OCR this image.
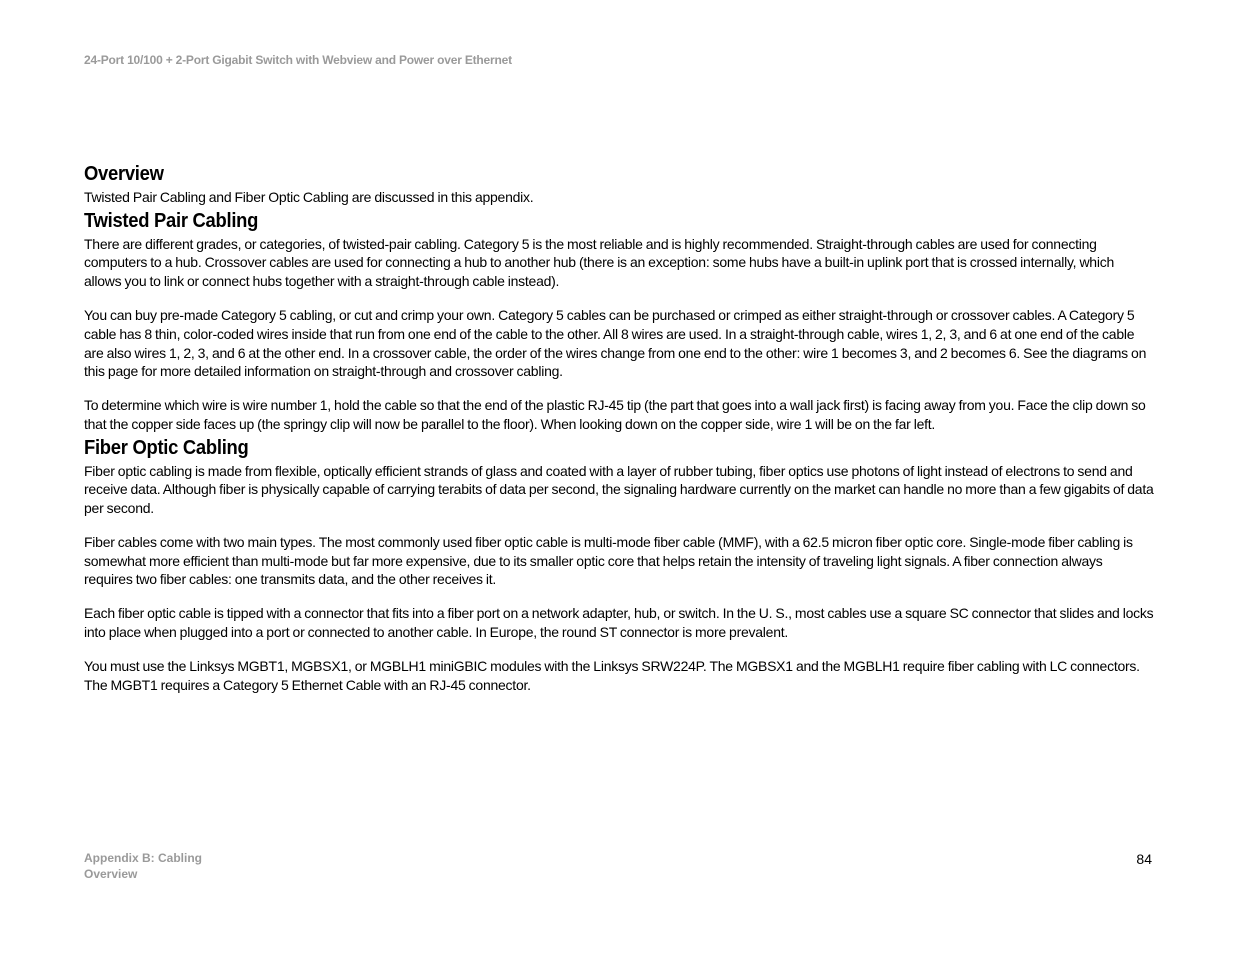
24-Port 10/100 + 2-Port Gigabit Switch with Webview and Power over Ethernet
Overview

Twisted Pair Cabling and Fiber Optic Cabling are discussed in this appendix.

Twisted Pair Cabling

There are different grades, or categories, of twisted-pair cabling. Category 5 is the most reliable and is highly recommended. Straight-through cables are used for connecting computers to a hub. Crossover cables are used for connecting a hub to another hub (there is an exception: some hubs have a built-in uplink port that is crossed internally, which allows you to link or connect hubs together with a straight-through cable instead).

You can buy pre-made Category 5 cabling, or cut and crimp your own. Category 5 cables can be purchased or crimped as either straight-through or crossover cables. A Category 5 cable has 8 thin, color-coded wires inside that run from one end of the cable to the other. All 8 wires are used. In a straight-through cable, wires 1, 2, 3, and 6 at one end of the cable are also wires 1, 2, 3, and 6 at the other end. In a crossover cable, the order of the wires change from one end to the other: wire 1 becomes 3, and 2 becomes 6. See the diagrams on this page for more detailed information on straight-through and crossover cabling.

To determine which wire is wire number 1, hold the cable so that the end of the plastic RJ-45 tip (the part that goes into a wall jack first) is facing away from you. Face the clip down so that the copper side faces up (the springy clip will now be parallel to the floor). When looking down on the copper side, wire 1 will be on the far left.

Fiber Optic Cabling

Fiber optic cabling is made from flexible, optically efficient strands of glass and coated with a layer of rubber tubing, fiber optics use photons of light instead of electrons to send and receive data. Although fiber is physically capable of carrying terabits of data per second, the signaling hardware currently on the market can handle no more than a few gigabits of data per second.

Fiber cables come with two main types. The most commonly used fiber optic cable is multi-mode fiber cable (MMF), with a 62.5 micron fiber optic core. Single-mode fiber cabling is somewhat more efficient than multi-mode but far more expensive, due to its smaller optic core that helps retain the intensity of traveling light signals. A fiber connection always requires two fiber cables: one transmits data, and the other receives it.

Each fiber optic cable is tipped with a connector that fits into a fiber port on a network adapter, hub, or switch. In the U. S., most cables use a square SC connector that slides and locks into place when plugged into a port or connected to another cable. In Europe, the round ST connector is more prevalent.

You must use the Linksys MGBT1, MGBSX1, or MGBLH1 miniGBIC modules with the Linksys SRW224P. The MGBSX1 and the MGBLH1 require fiber cabling with LC connectors. The MGBT1 requires a Category 5 Ethernet Cable with an RJ-45 connector.

Appendix B: Cabling
Overview
84
